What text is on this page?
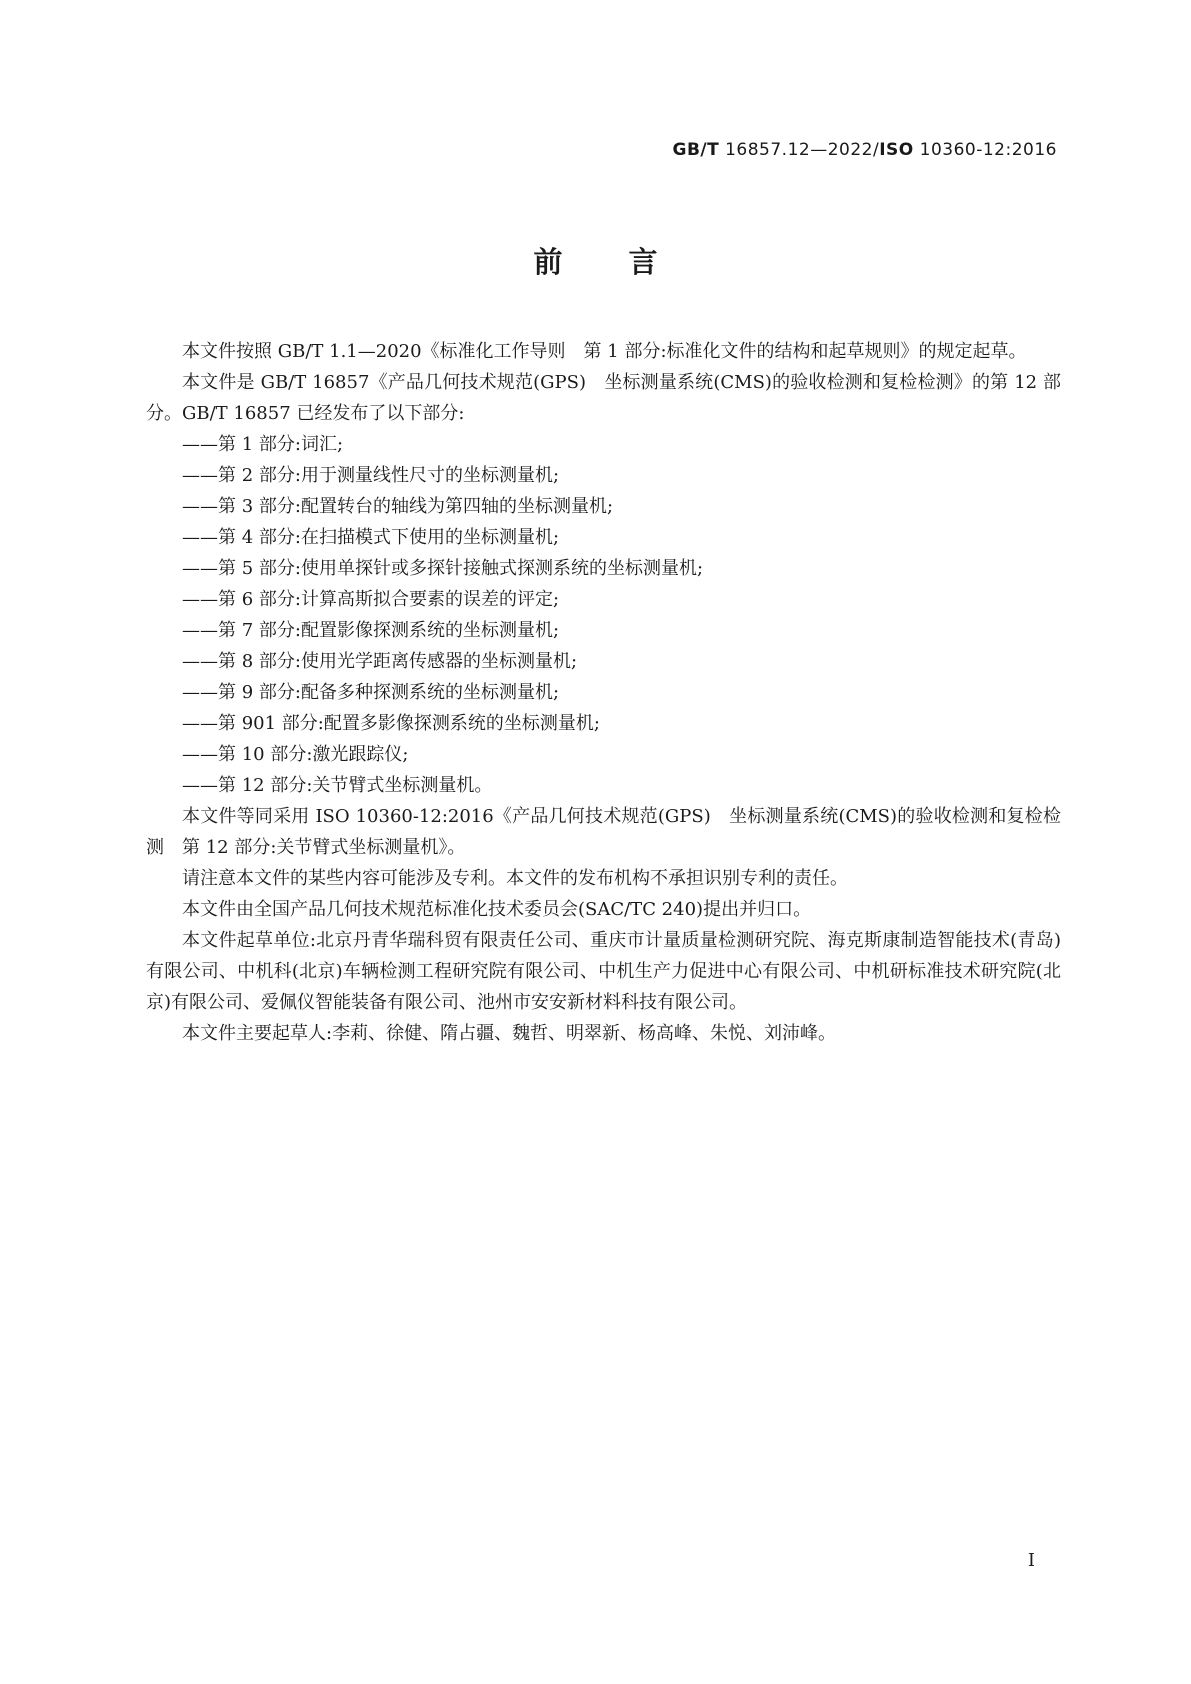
GB/T 16857.12—2022/ISO 10360-12:2016
前言

本文件按照 GB/T 1.1—2020《标准化工作导则　第 1 部分:标准化文件的结构和起草规则》的规定起草。

本文件是 GB/T 16857《产品几何技术规范(GPS)　坐标测量系统(CMS)的验收检测和复检检测》的第 12 部分。GB/T 16857 已经发布了以下部分:

——第 1 部分:词汇;
——第 2 部分:用于测量线性尺寸的坐标测量机;
——第 3 部分:配置转台的轴线为第四轴的坐标测量机;
——第 4 部分:在扫描模式下使用的坐标测量机;
——第 5 部分:使用单探针或多探针接触式探测系统的坐标测量机;
——第 6 部分:计算高斯拟合要素的误差的评定;
——第 7 部分:配置影像探测系统的坐标测量机;
——第 8 部分:使用光学距离传感器的坐标测量机;
——第 9 部分:配备多种探测系统的坐标测量机;
——第 901 部分:配置多影像探测系统的坐标测量机;
——第 10 部分:激光跟踪仪;
——第 12 部分:关节臂式坐标测量机。

本文件等同采用 ISO 10360-12:2016《产品几何技术规范(GPS)　坐标测量系统(CMS)的验收检测和复检检测　第 12 部分:关节臂式坐标测量机》。

请注意本文件的某些内容可能涉及专利。本文件的发布机构不承担识别专利的责任。

本文件由全国产品几何技术规范标准化技术委员会(SAC/TC 240)提出并归口。

本文件起草单位:北京丹青华瑞科贸有限责任公司、重庆市计量质量检测研究院、海克斯康制造智能技术(青岛)有限公司、中机科(北京)车辆检测工程研究院有限公司、中机生产力促进中心有限公司、中机研标准技术研究院(北京)有限公司、爱佩仪智能装备有限公司、池州市安安新材料科技有限公司。

本文件主要起草人:李莉、徐健、隋占疆、魏哲、明翠新、杨高峰、朱悦、刘沛峰。

I
